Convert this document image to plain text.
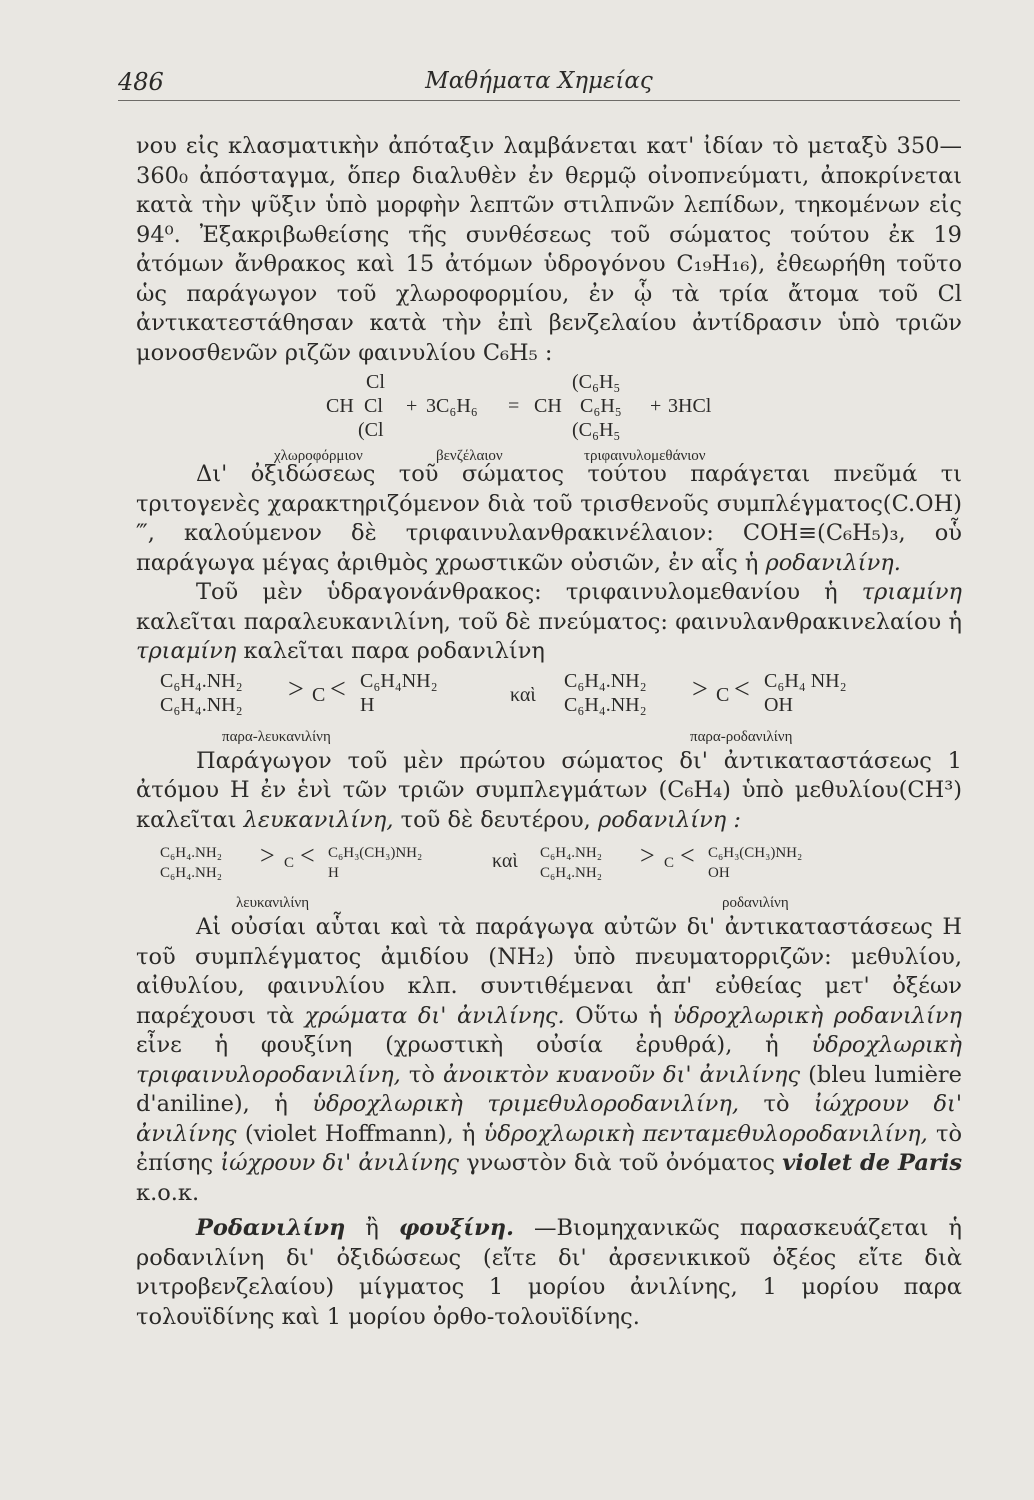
486	Μαθήματα Χημείας

νου εἰς κλασματικὴν ἀπόταξιν λαμβάνεται κατ' ἰδίαν τὸ μεταξὺ 350—360₀ ἀπόσταγμα, ὅπερ διαλυθὲν ἐν θερμῷ οἰνοπνεύματι, ἀποκρίνεται κατὰ τὴν ψῦξιν ὑπὸ μορφὴν λεπτῶν στιλπνῶν λεπίδων, τηκομένων εἰς 94⁰. Ἐξακριβωθείσης τῆς συνθέσεως τοῦ σώματος τούτου ἐκ 19 ἀτόμων ἄνθρακος καὶ 15 ἀτόμων ὑδρογόνου C₁₉H₁₆), ἐθεωρήθη τοῦτο ὡς παράγωγον τοῦ χλωροφορμίου, ἐν ᾧ τὰ τρία ἄτομα τοῦ Cl ἀντικατεστάθησαν κατὰ τὴν ἐπὶ βενζελαίου ἀντίδρασιν ὑπὸ τριῶν μονοσθενῶν ριζῶν φαινυλίου C₆H₅ :

Cl
CH Cl
(Cl
+ 3C₆H₆ = CH
(C₆H₅
C₆H₅
(C₆H₅
+ 3HCl
χλωροφόρμιον	βενζέλαιον	τριφαινυλομεθάνιον

Δι' ὀξιδώσεως τοῦ σώματος τούτου παράγεται πνεῦμά τι τριτογενὲς χαρακτηριζόμενον διὰ τοῦ τρισθενοῦς συμπλέγματος(C.OH)‴, καλούμενον δὲ τριφαινυλανθρακινέλαιον: COH≡(C₆H₅)₃, οὗ παράγωγα μέγας ἀριθμὸς χρωστικῶν οὐσιῶν, ἐν αἷς ἡ ροδανιλίνη.

Τοῦ μὲν ὑδραγονάνθρακος: τριφαινυλομεθανίου ἡ τριαμίνη καλεῖται παραλευκανιλίνη, τοῦ δὲ πνεύματος: φαινυλανθρακινελαίου ἡ τριαμίνη καλεῖται παρα ροδανιλίνη

C₆H₄.NH₂
C₆H₄.NH₂ > C < C₆H₄NH₂
H	καὶ
C₆H₄.NH₂
C₆H₄.NH₂ > C < C₆H₄ NH₂
OH
παρα-λευκανιλίνη	παρα-ροδανιλίνη

Παράγωγον τοῦ μὲν πρώτου σώματος δι' ἀντικαταστάσεως 1 ἀτόμου H ἐν ἑνὶ τῶν τριῶν συμπλεγμάτων (C₆H₄) ὑπὸ μεθυλίου(CH³) καλεῖται λευκανιλίνη, τοῦ δὲ δευτέρου, ροδανιλίνη :

C₆H₄.NH₂
C₆H₄.NH₂
> C < C₆H₃(CH₃)NH₂
H
καὶ C₆H₄.NH₂
C₆H₄.NH₂
> C < C₆H₃(CH₃)NH₂
OH
λευκανιλίνη	ροδανιλίνη

Αἱ οὐσίαι αὗται καὶ τὰ παράγωγα αὐτῶν δι' ἀντικαταστάσεως H τοῦ συμπλέγματος ἀμιδίου (NH₂) ὑπὸ πνευματορριζῶν: μεθυλίου, αἰθυλίου, φαινυλίου κλπ. συντιθέμεναι ἀπ' εὐθείας μετ' ὀξέων παρέχουσι τὰ χρώματα δι' ἀνιλίνης. Οὕτω ἡ ὑδροχλωρικὴ ροδανιλίνη εἶνε ἡ φουξίνη (χρωστικὴ οὐσία ἐρυθρά), ἡ ὑδροχλωρικὴ τριφαινυλοροδανιλίνη, τὸ ἀνοικτὸν κυανοῦν δι' ἀνιλίνης (bleu lumière d'aniline), ἡ ὑδροχλωρικὴ τριμεθυλοροδανιλίνη, τὸ ἰώχρουν δι' ἀνιλίνης (violet Hoffmann), ἡ ὑδροχλωρικὴ πενταμεθυλοροδανιλίνη, τὸ ἐπίσης ἰώχρουν δι' ἀνιλίνης γνωστὸν διὰ τοῦ ὀνόματος violet de Paris κ.ο.κ.

Ροδανιλίνη ἢ φουξίνη. —Βιομηχανικῶς παρασκευάζεται ἡ ροδανιλίνη δι' ὀξιδώσεως (εἴτε δι' ἀρσενικικοῦ ὀξέος εἴτε διὰ νιτροβενζελαίου) μίγματος 1 μορίου ἀνιλίνης, 1 μορίου παρα τολουϊδίνης καὶ 1 μορίου ὀρθο-τολουϊδίνης.
